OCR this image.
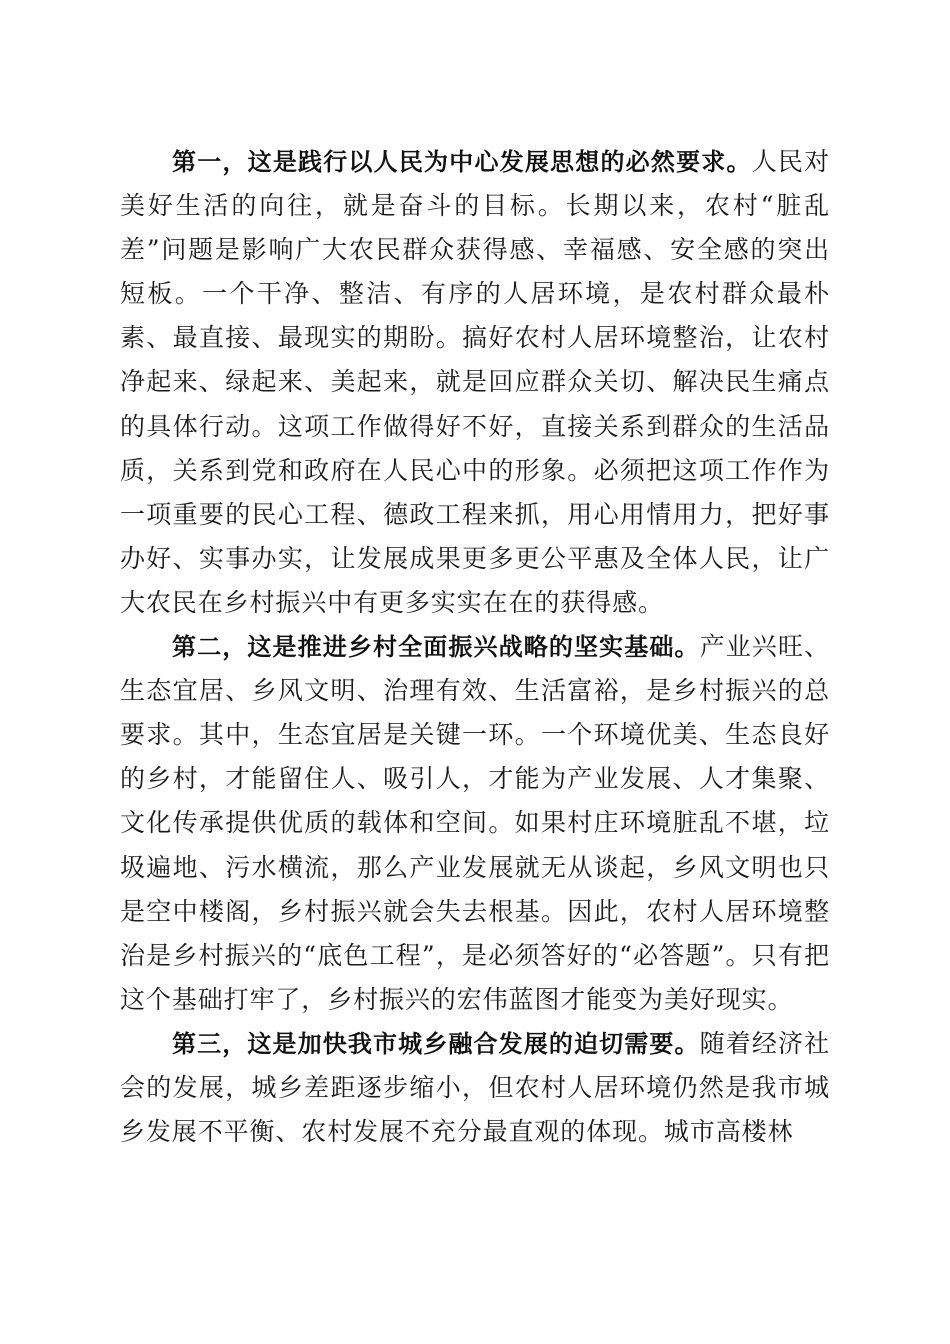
第一，这是践行以人民为中心发展思想的必然要求。人民对美好生活的向往，就是奋斗的目标。长期以来，农村“脏乱差”问题是影响广大农民群众获得感、幸福感、安全感的突出短板。一个干净、整洁、有序的人居环境，是农村群众最朴素、最直接、最现实的期盼。搞好农村人居环境整治，让农村净起来、绿起来、美起来，就是回应群众关切、解决民生痛点的具体行动。这项工作做得好不好，直接关系到群众的生活品质，关系到党和政府在人民心中的形象。必须把这项工作作为一项重要的民心工程、德政工程来抓，用心用情用力，把好事办好、实事办实，让发展成果更多更公平惠及全体人民，让广大农民在乡村振兴中有更多实实在在的获得感。

第二，这是推进乡村全面振兴战略的坚实基础。产业兴旺、生态宜居、乡风文明、治理有效、生活富裕，是乡村振兴的总要求。其中，生态宜居是关键一环。一个环境优美、生态良好的乡村，才能留住人、吸引人，才能为产业发展、人才集聚、文化传承提供优质的载体和空间。如果村庄环境脏乱不堪，垃圾遍地、污水横流，那么产业发展就无从谈起，乡风文明也只是空中楼阁，乡村振兴就会失去根基。因此，农村人居环境整治是乡村振兴的“底色工程”，是必须答好的“必答题”。只有把这个基础打牢了，乡村振兴的宏伟蓝图才能变为美好现实。

第三，这是加快我市城乡融合发展的迫切需要。随着经济社会的发展，城乡差距逐步缩小，但农村人居环境仍然是我市城乡发展不平衡、农村发展不充分最直观的体现。城市高楼林
